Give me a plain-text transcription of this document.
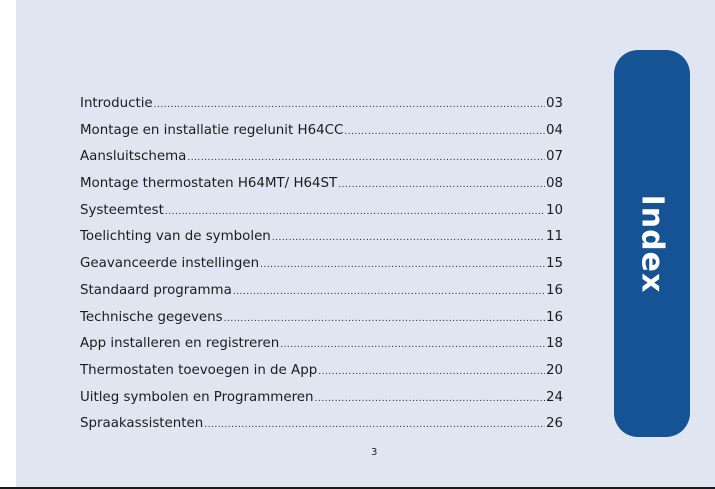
Introductie .....	03
Montage en installatie regelunit H64CC .....	04
Aansluitschema .....	07
Montage thermostaten H64MT/ H64ST .....	08
Systeemtest .....	10
Toelichting van de symbolen .....	11
Geavanceerde instellingen .....	15
Standaard programma .....	16
Technische gegevens .....	16
App installeren en registreren .....	18
Thermostaten toevoegen in de App .....	20
Uitleg symbolen en Programmeren .....	24
Spraakassistenten .....	26
3
Index
